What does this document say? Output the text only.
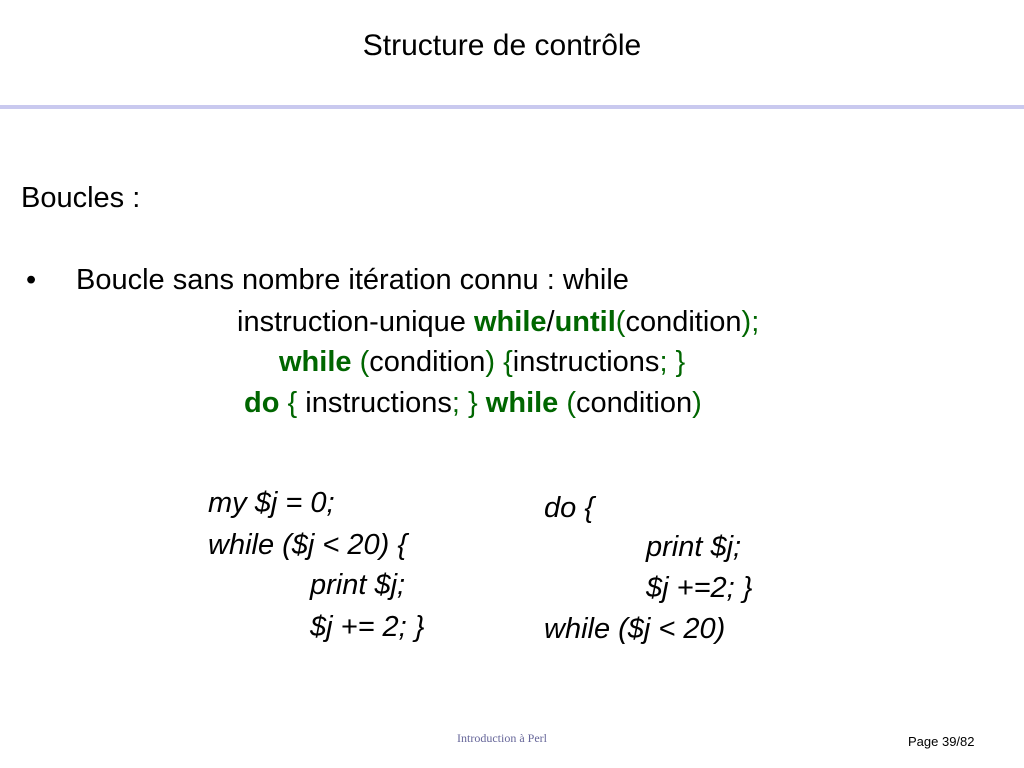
Structure de contrôle
Boucles :
• Boucle sans nombre itération connu : while
instruction-unique while/until(condition);
while (condition) {instructions; }
do { instructions; } while (condition)
my $j = 0;
while ($j < 20) {
print $j;
$j += 2; }
do {
print $j;
$j +=2; }
while ($j < 20)
Introduction à Perl	Page 39/82
